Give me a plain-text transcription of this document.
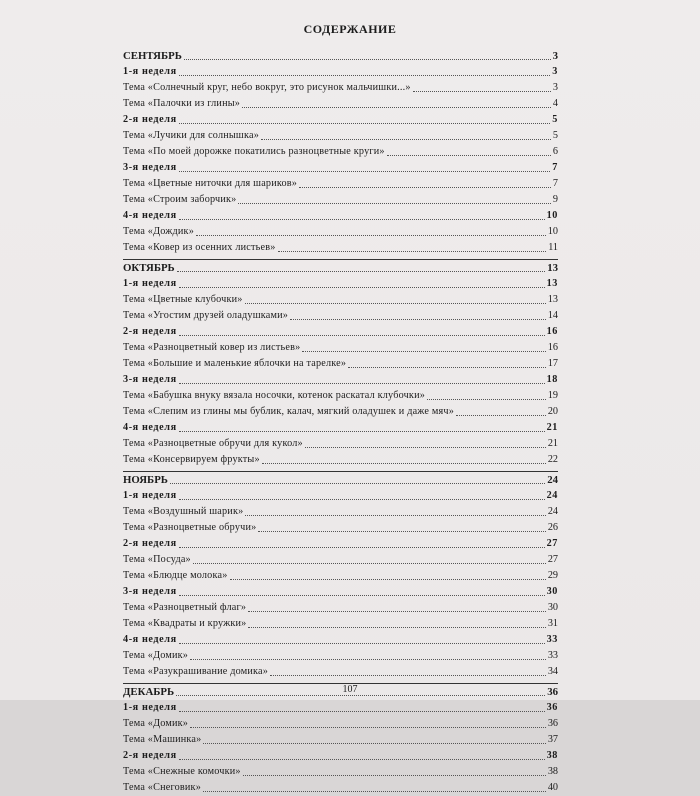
СОДЕРЖАНИЕ
СЕНТЯБРЬ	3
1-я неделя	3
Тема «Солнечный круг, небо вокруг, это рисунок мальчишки...»	3
Тема «Палочки из глины»	4
2-я неделя	5
Тема «Лучики для солнышка»	5
Тема «По моей дорожке покатились разноцветные круги»	6
3-я неделя	7
Тема «Цветные ниточки для шариков»	7
Тема «Строим заборчик»	9
4-я неделя	10
Тема «Дождик»	10
Тема «Ковер из осенних листьев»	11
ОКТЯБРЬ	13
1-я неделя	13
Тема «Цветные клубочки»	13
Тема «Угостим друзей оладушками»	14
2-я неделя	16
Тема «Разноцветный ковер из листьев»	16
Тема «Большие и маленькие яблочки на тарелке»	17
3-я неделя	18
Тема «Бабушка внуку вязала носочки, котенок раскатал клубочки»	19
Тема «Слепим из глины мы бублик, калач, мягкий оладушек и даже мяч»	20
4-я неделя	21
Тема «Разноцветные обручи для кукол»	21
Тема «Консервируем фрукты»	22
НОЯБРЬ	24
1-я неделя	24
Тема «Воздушный шарик»	24
Тема «Разноцветные обручи»	26
2-я неделя	27
Тема «Посуда»	27
Тема «Блюдце молока»	29
3-я неделя	30
Тема «Разноцветный флаг»	30
Тема «Квадраты и кружки»	31
4-я неделя	33
Тема «Домик»	33
Тема «Разукрашивание домика»	34
ДЕКАБРЬ	36
1-я неделя	36
Тема «Домик»	36
Тема «Машинка»	37
2-я неделя	38
Тема «Снежные комочки»	38
Тема «Снеговик»	40
107
